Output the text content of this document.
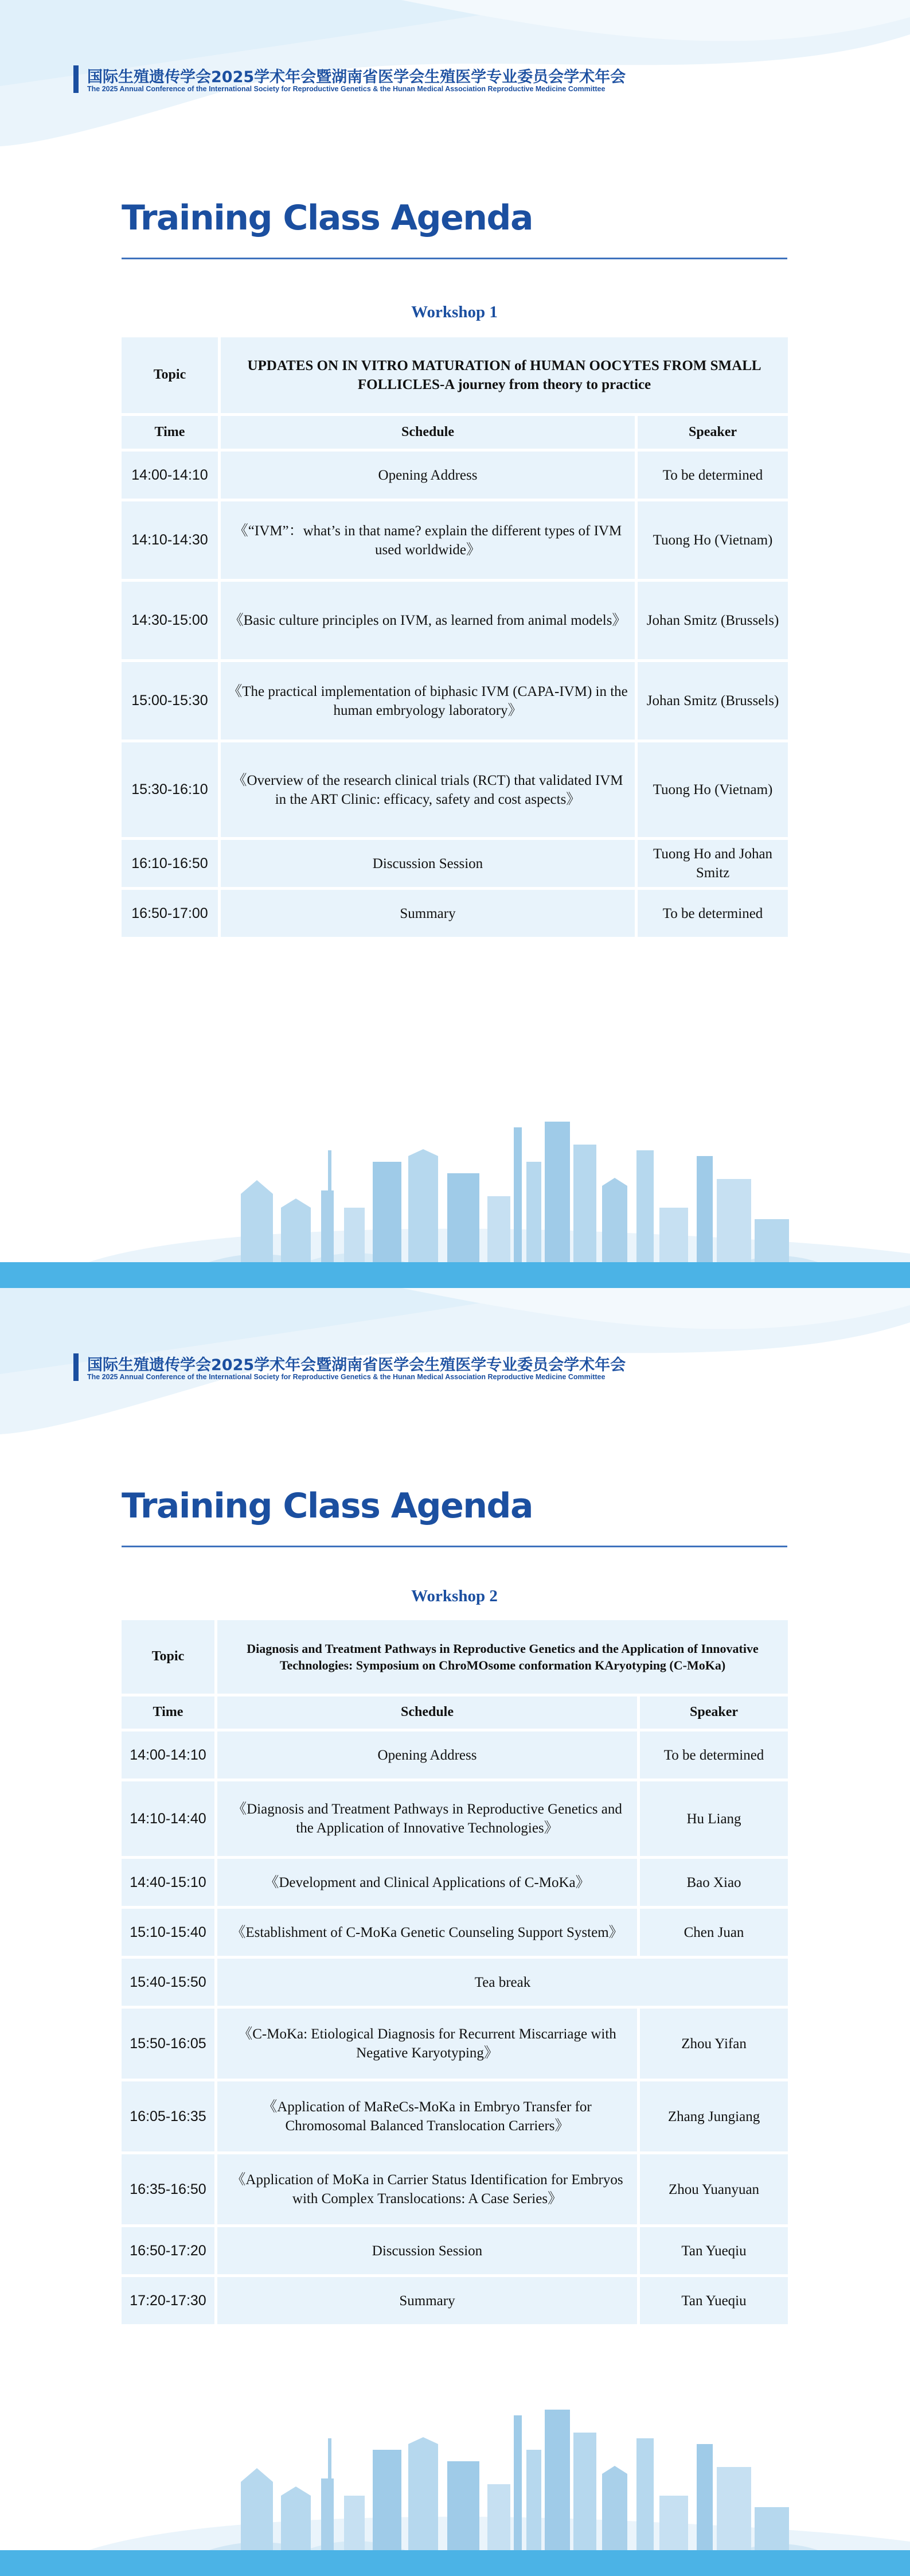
国际生殖遗传学会2025学术年会暨湖南省医学会生殖医学专业委员会学术年会
The 2025 Annual Conference of the International Society for Reproductive Genetics & the Hunan Medical Association Reproductive Medicine Committee
Training Class Agenda
Workshop 1
Topic	UPDATES ON IN VITRO MATURATION of HUMAN OOCYTES FROM SMALL FOLLICLES-A journey from theory to practice	
Time	Schedule	Speaker
14:00-14:10	Opening Address	To be determined
14:10-14:30	《“IVM”：what’s in that name? explain the different types of IVM used worldwide》	Tuong Ho (Vietnam)
14:30-15:00	《Basic culture principles on IVM, as learned from animal models》	Johan Smitz (Brussels)
15:00-15:30	《The practical implementation of biphasic IVM (CAPA-IVM) in the human embryology laboratory》	Johan Smitz (Brussels)
15:30-16:10	《Overview of the research clinical trials (RCT) that validated IVM in the ART Clinic: efficacy, safety and cost aspects》	Tuong Ho (Vietnam)
16:10-16:50	Discussion Session	Tuong Ho and Johan Smitz
16:50-17:00	Summary	To be determined
国际生殖遗传学会2025学术年会暨湖南省医学会生殖医学专业委员会学术年会
The 2025 Annual Conference of the International Society for Reproductive Genetics & the Hunan Medical Association Reproductive Medicine Committee
Training Class Agenda
Workshop 2
Topic	Diagnosis and Treatment Pathways in Reproductive Genetics and the Application of Innovative Technologies: Symposium on ChroMOsome conformation KAryotyping (C-MoKa)	
Time	Schedule	Speaker
14:00-14:10	Opening Address	To be determined
14:10-14:40	《Diagnosis and Treatment Pathways in Reproductive Genetics and the Application of Innovative Technologies》	Hu Liang
14:40-15:10	《Development and Clinical Applications of C-MoKa》	Bao Xiao
15:10-15:40	《Establishment of C-MoKa Genetic Counseling Support System》	Chen Juan
15:40-15:50	Tea break	
15:50-16:05	《C-MoKa: Etiological Diagnosis for Recurrent Miscarriage with Negative Karyotyping》	Zhou Yifan
16:05-16:35	《Application of MaReCs-MoKa in Embryo Transfer for Chromosomal Balanced Translocation Carriers》	Zhang Jungiang
16:35-16:50	《Application of MoKa in Carrier Status Identification for Embryos with Complex Translocations: A Case Series》	Zhou Yuanyuan
16:50-17:20	Discussion Session	Tan Yueqiu
17:20-17:30	Summary	Tan Yueqiu
